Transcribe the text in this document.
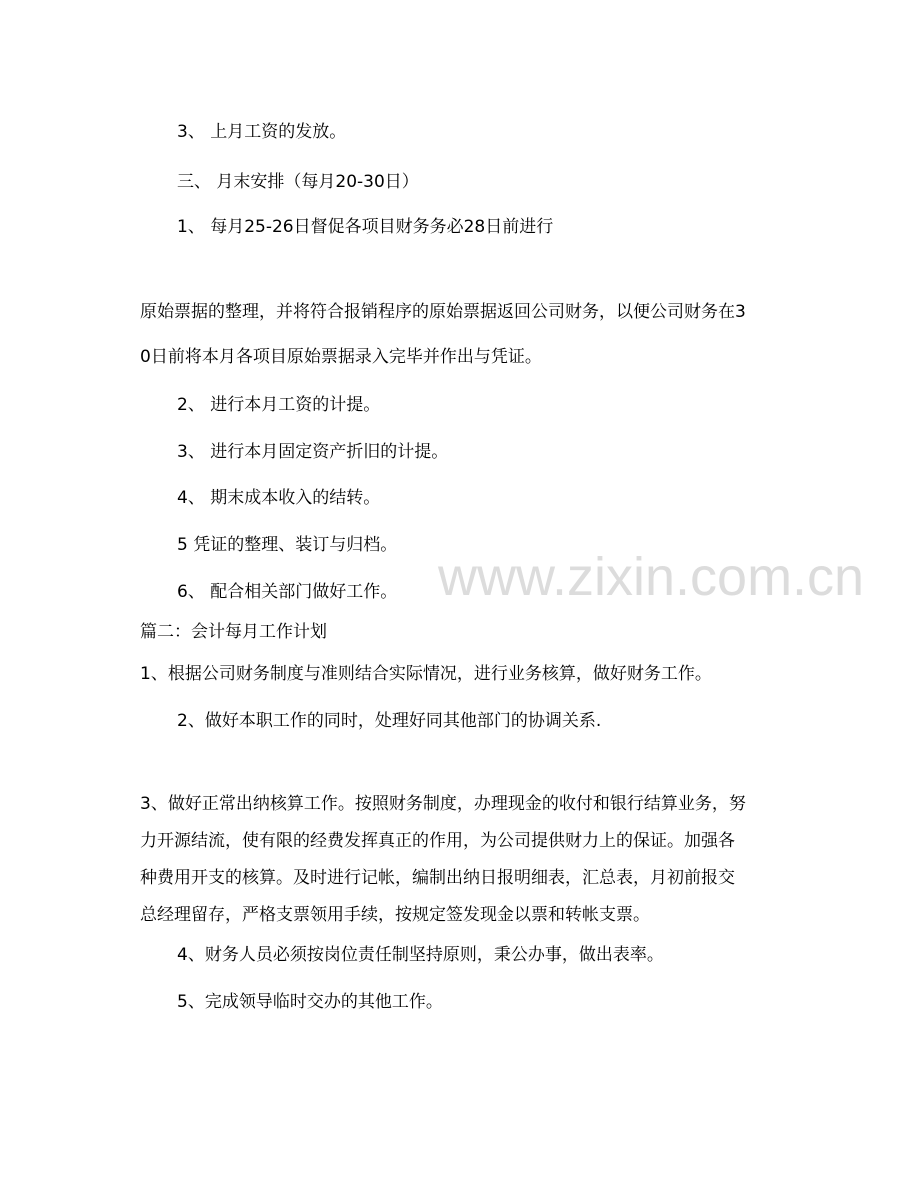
www.zixin.com.cn
3、 上月工资的发放。
三、 月末安排（每月20-30日）
1、 每月25-26日督促各项目财务务必28日前进行
原始票据的整理，并将符合报销程序的原始票据返回公司财务，以便公司财务在3
0日前将本月各项目原始票据录入完毕并作出与凭证。
2、 进行本月工资的计提。
3、 进行本月固定资产折旧的计提。
4、 期末成本收入的结转。
5 凭证的整理、装订与归档。
6、 配合相关部门做好工作。
篇二：会计每月工作计划
1、根据公司财务制度与准则结合实际情况，进行业务核算，做好财务工作。
2、做好本职工作的同时，处理好同其他部门的协调关系.
3、做好正常出纳核算工作。按照财务制度，办理现金的收付和银行结算业务，努
力开源结流，使有限的经费发挥真正的作用，为公司提供财力上的保证。加强各
种费用开支的核算。及时进行记帐，编制出纳日报明细表，汇总表，月初前报交
总经理留存，严格支票领用手续，按规定签发现金以票和转帐支票。
4、财务人员必须按岗位责任制坚持原则，秉公办事，做出表率。
5、完成领导临时交办的其他工作。
